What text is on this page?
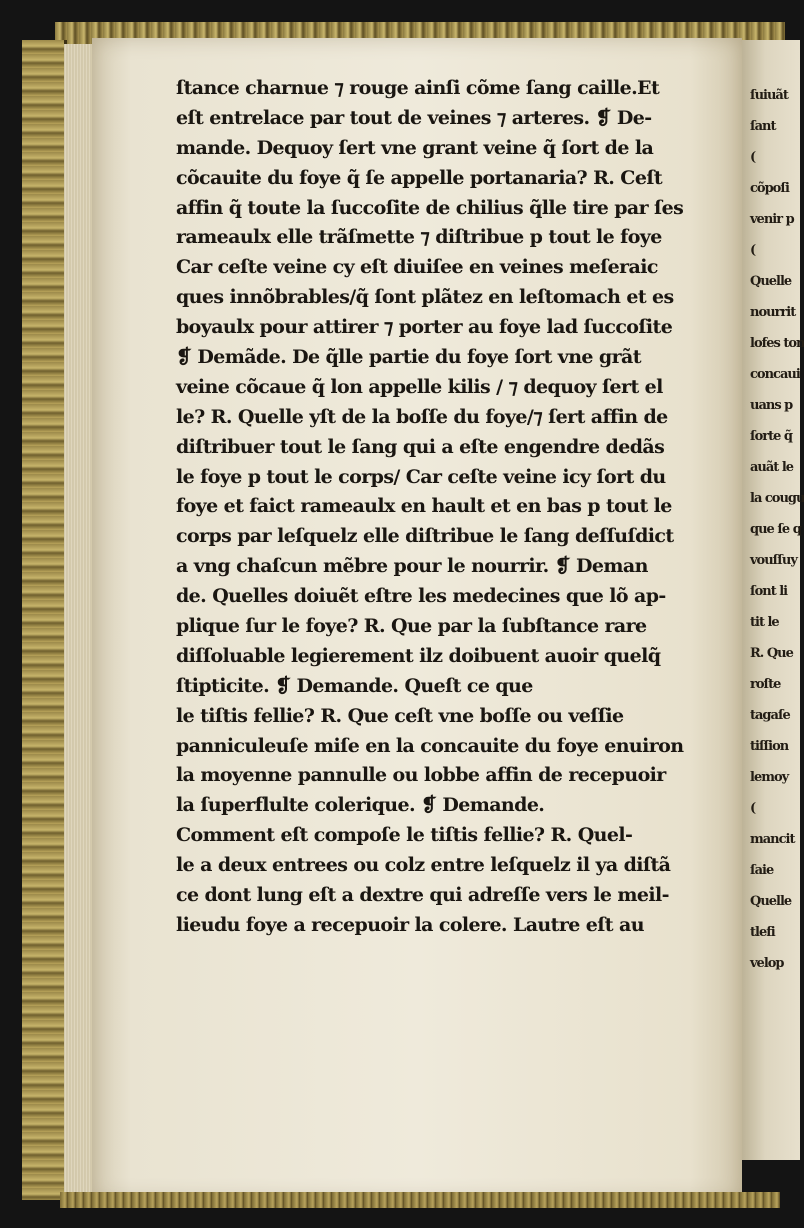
ſtance charnue ⁊ rouge ainſi cõme ſang caille.Et
eſt entrelace par tout de veines ⁊ arteres. ❡ De-
mande. Dequoy ſert vne grant veine q̃ ſort de la
cõcauite du foye q̃ ſe appelle portanaria? R. Ceſt
affin q̃ toute la ſuccoſite de chilius q̃lle tire par ſes
rameaulx elle trãſmette ⁊ diſtribue p tout le foye
Car ceſte veine cy eſt diuiſee en veines meſeraic
ques innõbrables/q̃ ſont plãtez en leſtomach et es
boyaulx pour attirer ⁊ porter au foye lad ſuccoſite
❡ Demãde. De q̃lle partie du foye ſort vne grãt
veine cõcaue q̃ lon appelle kilis / ⁊ dequoy ſert el
le? R. Quelle yſt de la boſſe du foye/⁊ ſert affin de
diſtribuer tout le ſang qui a eſte engendre dedãs
le foye p tout le corps/ Car ceſte veine icy ſort du
foye et faict rameaulx en hault et en bas p tout le
corps par leſquelz elle diſtribue le ſang deſſuſdict
a vng chaſcun mẽbre pour le nourrir. ❡ Deman
de. Quelles doiuẽt eſtre les medecines que lõ ap-
plique ſur le foye? R. Que par la ſubſtance rare
diſſoluable legierement ilz doibuent auoir quelq̃
ſtipticite. ❡ Demande. Queſt ce que
le tiſtis fellie? R. Que ceſt vne boſſe ou veſſie
panniculeuſe miſe en la concauite du foye enuiron
la moyenne pannulle ou lobbe affin de recepuoir
la ſuperflulte colerique. ❡ Demande.
Comment eſt compoſe le tiſtis fellie? R. Quel-
le a deux entrees ou colz entre leſquelz il ya diſtã
ce dont lung eſt a dextre qui adreſſe vers le meil-
lieudu foye a recepuoir la colere. Lautre eſt au
ſuiuãt
ſant
(
cõpoſi
venir p
(
Quelle
nourrit
lofes ton
concaui
uans p
ſorte q̃
auãt le
la cougu
que ſe q
vouſſuy
ſont li
tit le
R. Que
roſte
tagaſe
tiſſion
lemoy
(
mancit
ſaie
Quelle
tlefi
velop
